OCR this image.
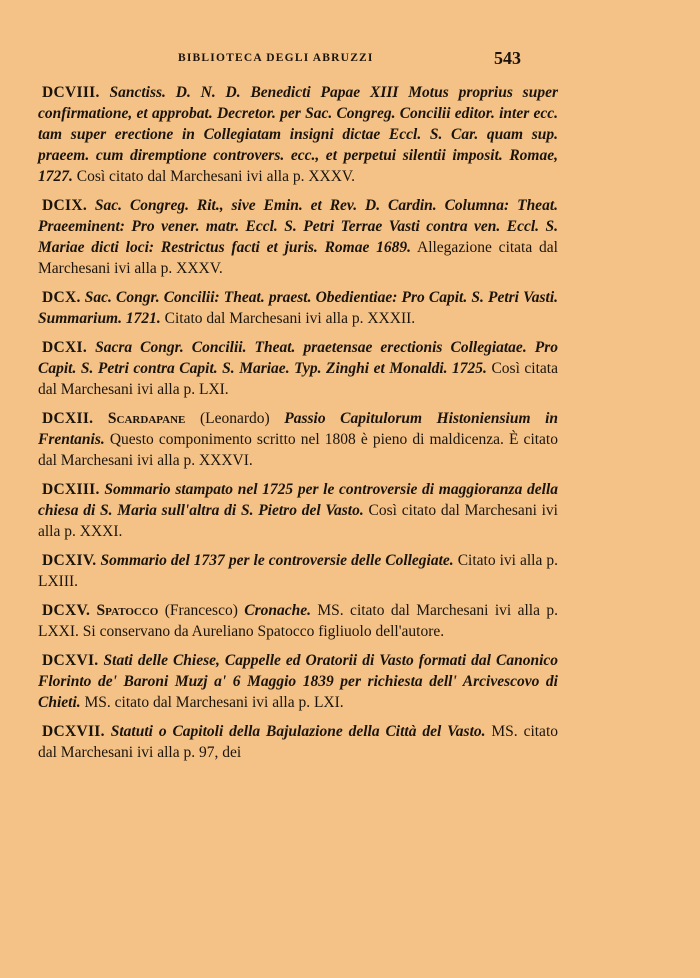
BIBLIOTECA DEGLI ABRUZZI	543

DCVIII. Sanctiss. D. N. D. Benedicti Papae XIII Motus proprius super confirmatione, et approbat. Decretor. per Sac. Congreg. Concilii editor. inter ecc. tam super erectione in Collegiatam insigni dictae Eccl. S. Car. quam sup. praeem. cum diremptione controvers. ecc., et perpetui silentii imposit. Romae, 1727. Così citato dal Marchesani ivi alla p. XXXV.

DCIX. Sac. Congreg. Rit., sive Emin. et Rev. D. Cardin. Columna: Theat. Praeeminent: Pro vener. matr. Eccl. S. Petri Terrae Vasti contra ven. Eccl. S. Mariae dicti loci: Restrictus facti et juris. Romae 1689. Allegazione citata dal Marchesani ivi alla p. XXXV.

DCX. Sac. Congr. Concilii: Theat. praest. Obedientiae: Pro Capit. S. Petri Vasti. Summarium. 1721. Citato dal Marchesani ivi alla p. XXXII.

DCXI. Sacra Congr. Concilii. Theat. praetensae erectionis Collegiatae. Pro Capit. S. Petri contra Capit. S. Mariae. Typ. Zinghi et Monaldi. 1725. Così citata dal Marchesani ivi alla p. LXI.

DCXII. Scardapane (Leonardo) Passio Capitulorum Histoniensium in Frentanis. Questo componimento scritto nel 1808 è pieno di maldicenza. È citato dal Marchesani ivi alla p. XXXVI.

DCXIII. Sommario stampato nel 1725 per le controversie di maggioranza della chiesa di S. Maria sull'altra di S. Pietro del Vasto. Così citato dal Marchesani ivi alla p. XXXI.

DCXIV. Sommario del 1737 per le controversie delle Collegiate. Citato ivi alla p. LXIII.

DCXV. Spatocco (Francesco) Cronache. MS. citato dal Marchesani ivi alla p. LXXI. Si conservano da Aureliano Spatocco figliuolo dell'autore.

DCXVI. Stati delle Chiese, Cappelle ed Oratorii di Vasto formati dal Canonico Florinto de' Baroni Muzj a' 6 Maggio 1839 per richiesta dell' Arcivescovo di Chieti. MS. citato dal Marchesani ivi alla p. LXI.

DCXVII. Statuti o Capitoli della Bajulazione della Città del Vasto. MS. citato dal Marchesani ivi alla p. 97, dei
